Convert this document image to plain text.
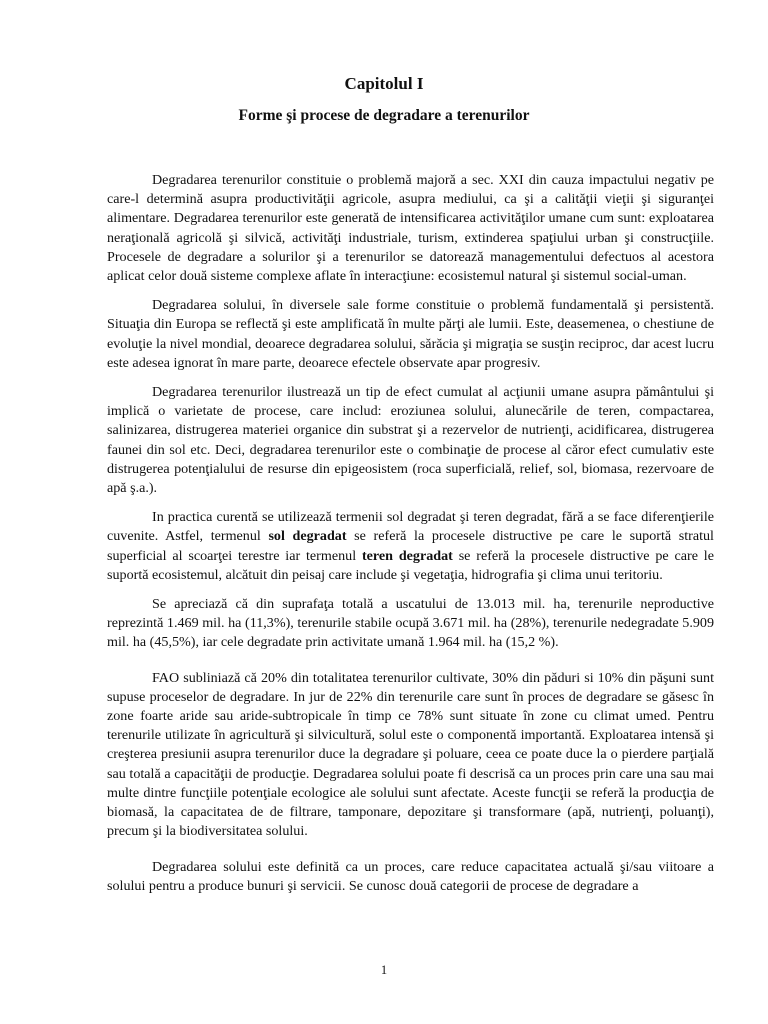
Capitolul I
Forme şi procese de degradare a terenurilor

Degradarea terenurilor constituie o problemă majoră a sec. XXI din cauza impactului negativ pe care-l determină asupra productivităţii agricole, asupra mediului, ca şi a calităţii vieţii şi siguranţei alimentare. Degradarea terenurilor este generată de intensificarea activităţilor umane cum sunt: exploatarea neraţională agricolă şi silvică, activităţi industriale, turism, extinderea spaţiului urban şi construcţiile. Procesele de degradare a solurilor şi a terenurilor se datorează managementului defectuos al acestora aplicat celor două sisteme complexe aflate în interacţiune: ecosistemul natural şi sistemul social-uman.

Degradarea solului, în diversele sale forme constituie o problemă fundamentală şi persistentă. Situaţia din Europa se reflectă şi este amplificată în multe părţi ale lumii. Este, deasemenea, o chestiune de evoluţie la nivel mondial, deoarece degradarea solului, sărăcia şi migraţia se susţin reciproc, dar acest lucru este adesea ignorat în mare parte, deoarece efectele observate apar progresiv.

Degradarea terenurilor ilustrează un tip de efect cumulat al acţiunii umane asupra pământului şi implică o varietate de procese, care includ: eroziunea solului, alunecările de teren, compactarea, salinizarea, distrugerea materiei organice din substrat şi a rezervelor de nutrienţi, acidificarea, distrugerea faunei din sol etc. Deci, degradarea terenurilor este o combinaţie de procese al căror efect cumulativ este distrugerea potenţialului de resurse din epigeosistem (roca superficială, relief, sol, biomasa, rezervoare de apă ş.a.).

In practica curentă se utilizează termenii sol degradat şi teren degradat, fără a se face diferenţierile cuvenite. Astfel, termenul sol degradat se referă la procesele distructive pe care le suportă stratul superficial al scoarţei terestre iar termenul teren degradat se referă la procesele distructive pe care le suportă ecosistemul, alcătuit din peisaj care include şi vegetaţia, hidrografia şi clima unui teritoriu.

Se apreciază că din suprafaţa totală a uscatului de 13.013 mil. ha, terenurile neproductive reprezintă 1.469 mil. ha (11,3%), terenurile stabile ocupă 3.671 mil. ha (28%), terenurile nedegradate 5.909 mil. ha (45,5%), iar cele degradate prin activitate umană 1.964 mil. ha (15,2 %).

FAO subliniază că 20% din totalitatea terenurilor cultivate, 30% din păduri si 10% din păşuni sunt supuse proceselor de degradare. In jur de 22% din terenurile care sunt în proces de degradare se găsesc în zone foarte aride sau aride-subtropicale în timp ce 78% sunt situate în zone cu climat umed. Pentru terenurile utilizate în agricultură şi silvicultură, solul este o componentă importantă. Exploatarea intensă şi creşterea presiunii asupra terenurilor duce la degradare şi poluare, ceea ce poate duce la o pierdere parţială sau totală a capacităţii de producţie. Degradarea solului poate fi descrisă ca un proces prin care una sau mai multe dintre funcţiile potenţiale ecologice ale solului sunt afectate. Aceste funcţii se referă la producţia de biomasă, la capacitatea de de filtrare, tamponare, depozitare şi transformare (apă, nutrienţi, poluanţi), precum şi la biodiversitatea solului.

Degradarea solului este definită ca un proces, care reduce capacitatea actuală şi/sau viitoare a solului pentru a produce bunuri şi servicii. Se cunosc două categorii de procese de degradare a

1
